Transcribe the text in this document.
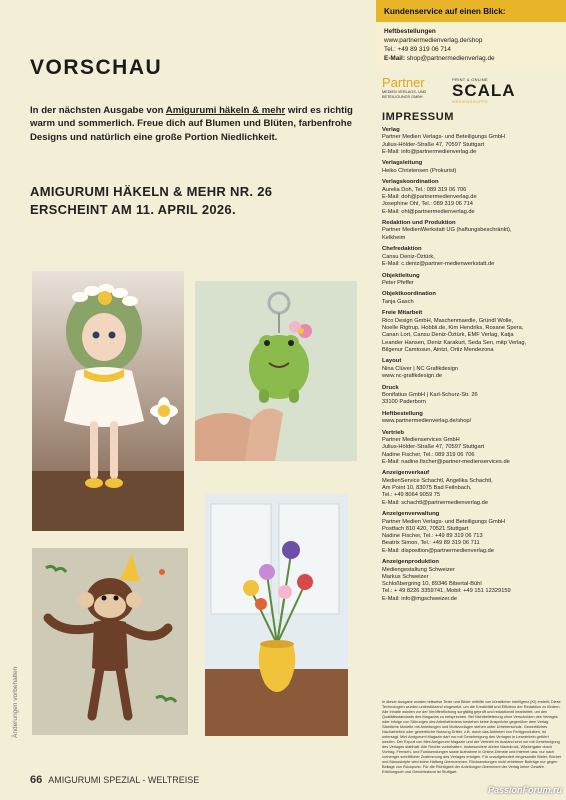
VORSCHAU

In der nächsten Ausgabe von Amigurumi häkeln & mehr wird es richtig warm und sommerlich. Freue dich auf Blumen und Blüten, farbenfrohe Designs und natürlich eine große Portion Niedlichkeit.

AMIGURUMI HÄKELN & MEHR NR. 26
ERSCHEINT AM 11. APRIL 2026.

Änderungen vorbehalten
66 AMIGURUMI SPEZIAL - WELTREISE
Kundenservice auf einen Blick:
Heftbestellungen
www.partnermedienverlag.de/shop
Tel.: +49 89 319 06 714
E-Mail: shop@partnermedienverlag.de
Partner
MEDIEN VERLAGS- UND
BETEILIGUNGS GMBH
PRINT & ONLINE
SCALA
MEDIENGRUPPE
IMPRESSUM
Verlag
Partner Medien Verlags- und Beteiligungs GmbH
Julius-Hölder-Straße 47, 70597 Stuttgart
E-Mail: info@partnermedienverlag.de
Verlagsleitung
Heiko Christensen (Prokurist)
Verlagskoordination
Aurelia Doh, Tel.: 089 319 06 706
E-Mail: doh@partnermedienverlag.de
Josephine Ohl, Tel.: 089 319 06 714
E-Mail: ohl@partnermedienverlag.de
Redaktion und Produktion
Partner MedienWerkstatt UG (haftungsbeschränkt),
Kelkheim
Chefredaktion
Cansu Deniz-Öztürk,
E-Mail: c.deniz@partner-medienwerkstatt.de
Objektleitung
Peter Pfeffer
Objektkoordination
Tanja Gasch
Freie Mitarbeit
Rico Design GmbH, Maschenmaedle, Gründl Wolle,
Noelle Rigtrup, Hobbii.de, Kim Hendriks, Rosane Spera,
Canan Lort, Cansu Deniz-Öztürk, EMF Verlag, Katja
Leander Hansen, Deniz Karakurt, Seda Sen, mitp Verlag,
Bilgenur Camtosun, Aintzi, Ortiz Mendezona
Layout
Nina Clüver | NC Grafikdesign
www.nc-grafikdesign.de
Druck
Bonifatius GmbH | Karl-Schurz-Str. 26
33100 Paderborn
Heftbestellung
www.partnermedienverlag.de/shop/
Vertrieb
Partner Medienservices GmbH
Julius-Hölder-Straße 47, 70597 Stuttgart
Nadine Fischer, Tel.: 089 319 06 706
E-Mail: nadine.fischer@partner-medienservices.de
Anzeigenverkauf
MedienService Schachtl, Angelika Schachtl,
Am Point 10, 83075 Bad Feilnbach,
Tel.: +49 8064 9059 75
E-Mail: schachtl@partnermedienverlag.de
Anzeigenverwaltung
Partner Medien Verlags- und Beteiligungs GmbH
Postfach 810 420, 70521 Stuttgart
Nadine Fischer, Tel.: +49 89 319 06 713
Beatrix Simon, Tel.: +49 89 319 06 711
E-Mail: disposition@partnermedienverlag.de
Anzeigenproduktion
Mediengestaltung Schweizer
Markus Schweizer
Schloßbergring 10, 89346 Bibertal-Bühl
Tel.: + 49 8226 3359741, Mobil: +49 151 12329159
E-Mail: info@mgschweizer.de
In dieser Ausgabe wurden teilweise Texte und Bilder mithilfe von künstlicher Intelligenz (KI) erstellt. Diese Technologien wurden unterstützend eingesetzt, um die Kreativität und Effizienz der Redaktion zu fördern. Alle Inhalte wurden vor der Veröffentlichung sorgfältig geprüft und redaktionell bearbeitet, um den Qualitätsstandards des Magazins zu entsprechen. Bei Nichtbelieferung ohne Verschulden des Verlages oder infolge von Störungen des Arbeitsfriedens bestehen keine Ansprüche gegenüber dem Verlag. Sämtliche Modelle mit Anleitungen und Motivvorlagen stehen unter Urheberschutz. Gewerbliches Nacharbeiten oder gewerbliche Nutzung Dritter, z.B. durch das Anbieten von Fertigprodukten, ist untersagt. Mini Amigurumi Magazin darf nur mit Genehmigung des Verlages in Lesezirkeln geführt werden. Der Export von Mini Amigurumi Magazin und der Vertrieb im Ausland sind nur mit Genehmigung des Verlages statthaft. Alle Rechte vorbehalten. Insbesondere dürfen Nachdruck, Wiedergabe durch Vortrag, Fernseh- und Funksendungen sowie Aufnahme in Online-Dienste und Internet usw. nur nach vorheriger schriftlicher Zustimmung des Verlages erfolgen. Für unaufgefordert eingesandte Bilder, Bücher und Manuskripte wird keine Haftung übernommen. Rücksendungen nicht erbetener Beiträge nur gegen Beilage von Rückporto. Für die Richtigkeit der Anleitungen übernimmt der Verlag keine Gewähr. Erfüllungsort und Gerichtsstand ist Stuttgart.
PassionForum.ru
